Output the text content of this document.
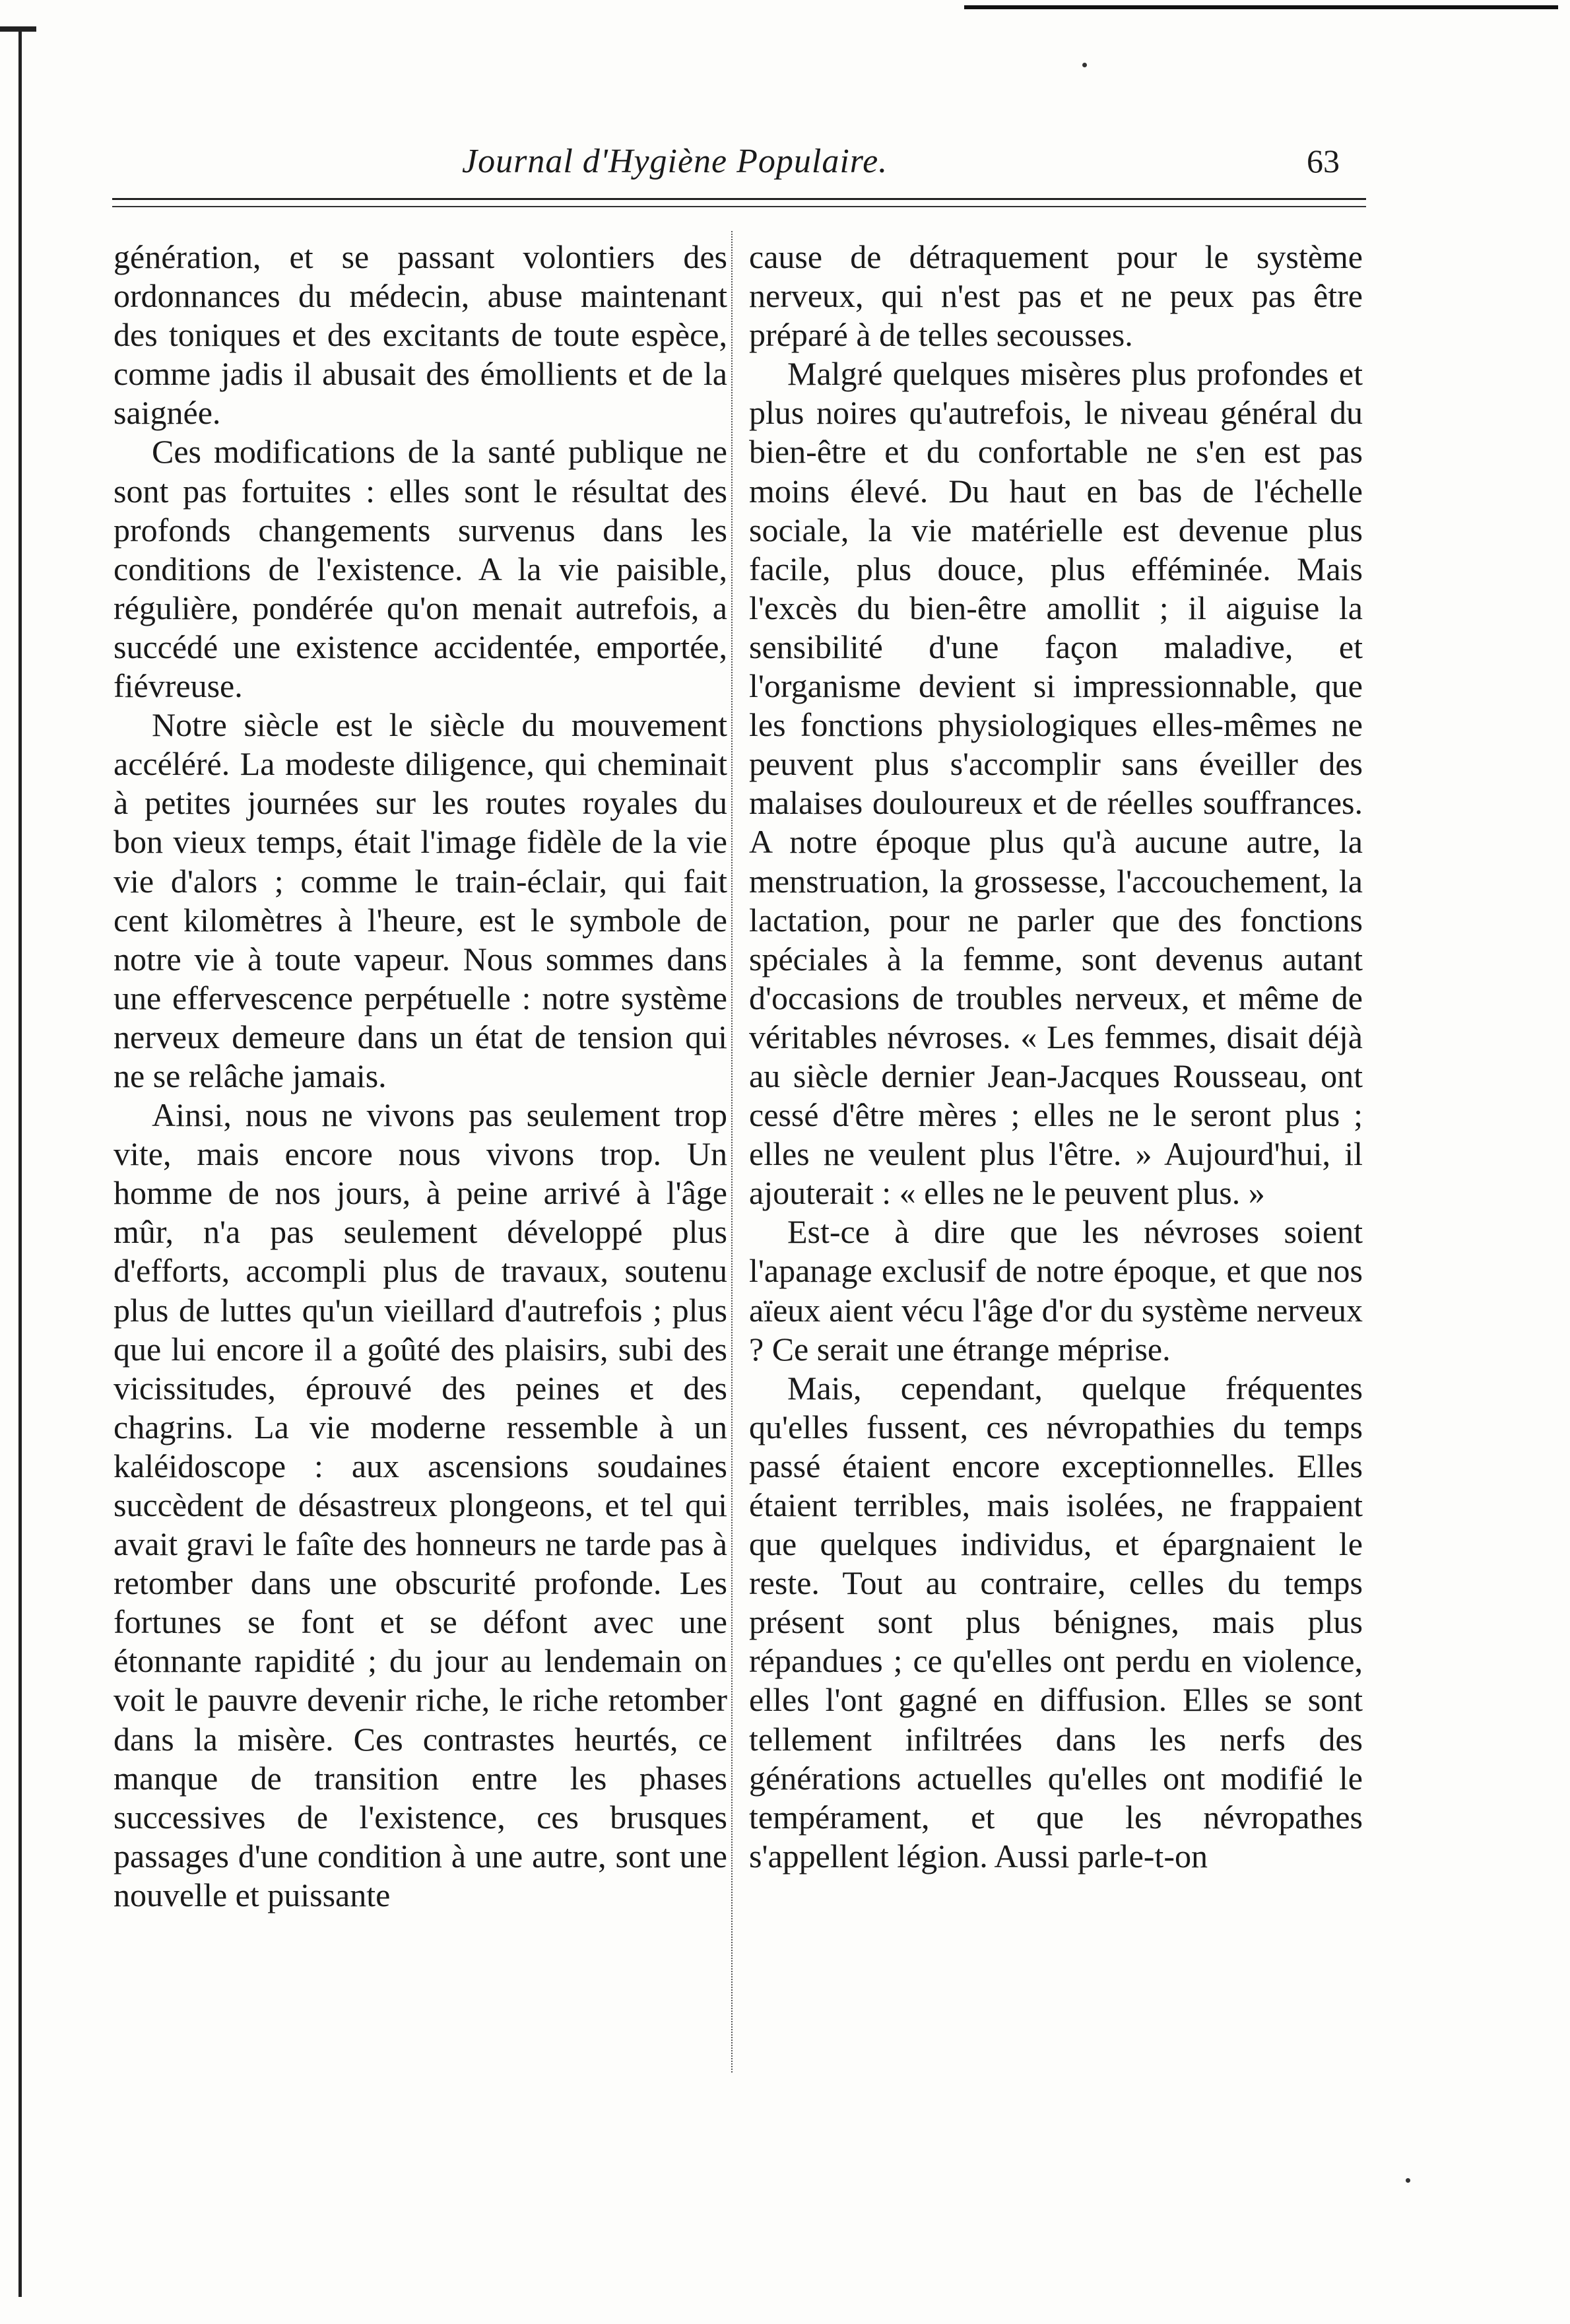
Journal d'Hygiène Populaire.	63

génération, et se passant volontiers des ordonnances du médecin, abuse maintenant des toniques et des excitants de toute espèce, comme jadis il abusait des émollients et de la saignée.

Ces modifications de la santé publique ne sont pas fortuites : elles sont le résultat des profonds changements survenus dans les conditions de l'existence. A la vie paisible, régulière, pondérée qu'on menait autrefois, a succédé une existence accidentée, emportée, fiévreuse.

Notre siècle est le siècle du mouvement accéléré. La modeste diligence, qui cheminait à petites journées sur les routes royales du bon vieux temps, était l'image fidèle de la vie vie d'alors ; comme le train-éclair, qui fait cent kilomètres à l'heure, est le symbole de notre vie à toute vapeur. Nous sommes dans une effervescence perpétuelle : notre système nerveux demeure dans un état de tension qui ne se relâche jamais.

Ainsi, nous ne vivons pas seulement trop vite, mais encore nous vivons trop. Un homme de nos jours, à peine arrivé à l'âge mûr, n'a pas seulement développé plus d'efforts, accompli plus de travaux, soutenu plus de luttes qu'un vieillard d'autrefois ; plus que lui encore il a goûté des plaisirs, subi des vicissitudes, éprouvé des peines et des chagrins. La vie moderne ressemble à un kaléidoscope : aux ascensions soudaines succèdent de désastreux plongeons, et tel qui avait gravi le faîte des honneurs ne tarde pas à retomber dans une obscurité profonde. Les fortunes se font et se défont avec une étonnante rapidité ; du jour au lendemain on voit le pauvre devenir riche, le riche retomber dans la misère. Ces contrastes heurtés, ce manque de transition entre les phases successives de l'existence, ces brusques passages d'une condition à une autre, sont une nouvelle et puissante

cause de détraquement pour le système nerveux, qui n'est pas et ne peux pas être préparé à de telles secousses.

Malgré quelques misères plus profondes et plus noires qu'autrefois, le niveau général du bien-être et du confortable ne s'en est pas moins élevé. Du haut en bas de l'échelle sociale, la vie matérielle est devenue plus facile, plus douce, plus efféminée. Mais l'excès du bien-être amollit ; il aiguise la sensibilité d'une façon maladive, et l'organisme devient si impressionnable, que les fonctions physiologiques elles-mêmes ne peuvent plus s'accomplir sans éveiller des malaises douloureux et de réelles souffrances. A notre époque plus qu'à aucune autre, la menstruation, la grossesse, l'accouchement, la lactation, pour ne parler que des fonctions spéciales à la femme, sont devenus autant d'occasions de troubles nerveux, et même de véritables névroses. « Les femmes, disait déjà au siècle dernier Jean-Jacques Rousseau, ont cessé d'être mères ; elles ne le seront plus ; elles ne veulent plus l'être. » Aujourd'hui, il ajouterait : « elles ne le peuvent plus. »

Est-ce à dire que les névroses soient l'apanage exclusif de notre époque, et que nos aïeux aient vécu l'âge d'or du système nerveux ? Ce serait une étrange méprise.

Mais, cependant, quelque fréquentes qu'elles fussent, ces névropathies du temps passé étaient encore exceptionnelles. Elles étaient terribles, mais isolées, ne frappaient que quelques individus, et épargnaient le reste. Tout au contraire, celles du temps présent sont plus bénignes, mais plus répandues ; ce qu'elles ont perdu en violence, elles l'ont gagné en diffusion. Elles se sont tellement infiltrées dans les nerfs des générations actuelles qu'elles ont modifié le tempérament, et que les névropathes s'appellent légion. Aussi parle-t-on
